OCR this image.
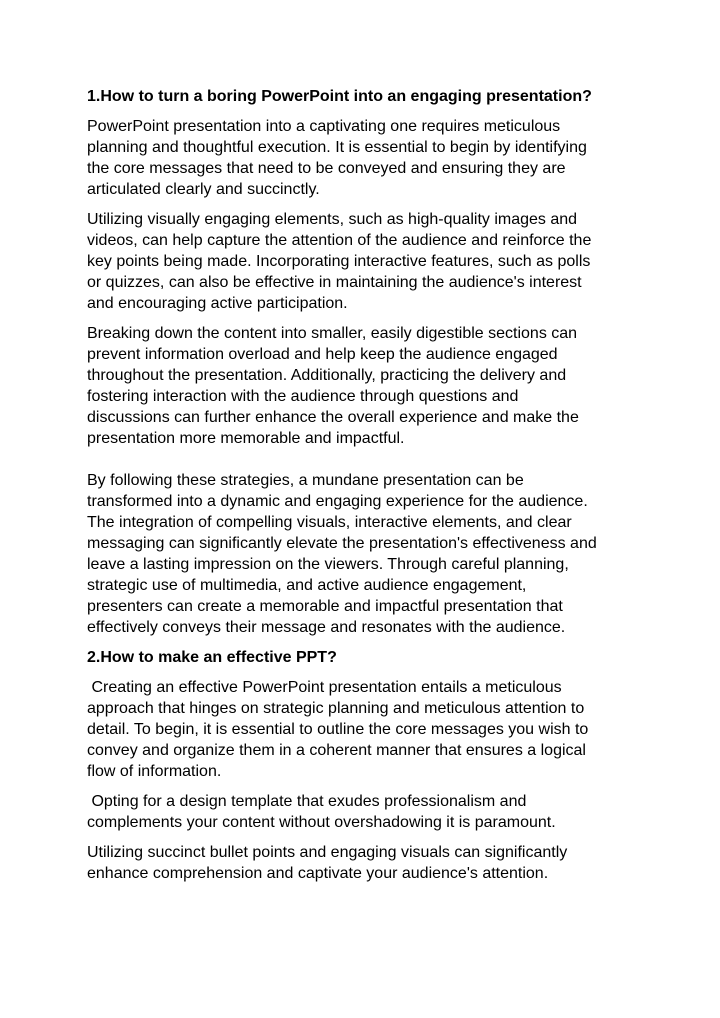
1.How to turn a boring PowerPoint into an engaging presentation?
PowerPoint presentation into a captivating one requires meticulous
planning and thoughtful execution. It is essential to begin by identifying
the core messages that need to be conveyed and ensuring they are
articulated clearly and succinctly.
Utilizing visually engaging elements, such as high-quality images and
videos, can help capture the attention of the audience and reinforce the
key points being made. Incorporating interactive features, such as polls
or quizzes, can also be effective in maintaining the audience's interest
and encouraging active participation.
Breaking down the content into smaller, easily digestible sections can
prevent information overload and help keep the audience engaged
throughout the presentation. Additionally, practicing the delivery and
fostering interaction with the audience through questions and
discussions can further enhance the overall experience and make the
presentation more memorable and impactful.
By following these strategies, a mundane presentation can be
transformed into a dynamic and engaging experience for the audience.
The integration of compelling visuals, interactive elements, and clear
messaging can significantly elevate the presentation's effectiveness and
leave a lasting impression on the viewers. Through careful planning,
strategic use of multimedia, and active audience engagement,
presenters can create a memorable and impactful presentation that
effectively conveys their message and resonates with the audience.
2.How to make an effective PPT?
Creating an effective PowerPoint presentation entails a meticulous
approach that hinges on strategic planning and meticulous attention to
detail. To begin, it is essential to outline the core messages you wish to
convey and organize them in a coherent manner that ensures a logical
flow of information.
Opting for a design template that exudes professionalism and
complements your content without overshadowing it is paramount.
Utilizing succinct bullet points and engaging visuals can significantly
enhance comprehension and captivate your audience's attention.
